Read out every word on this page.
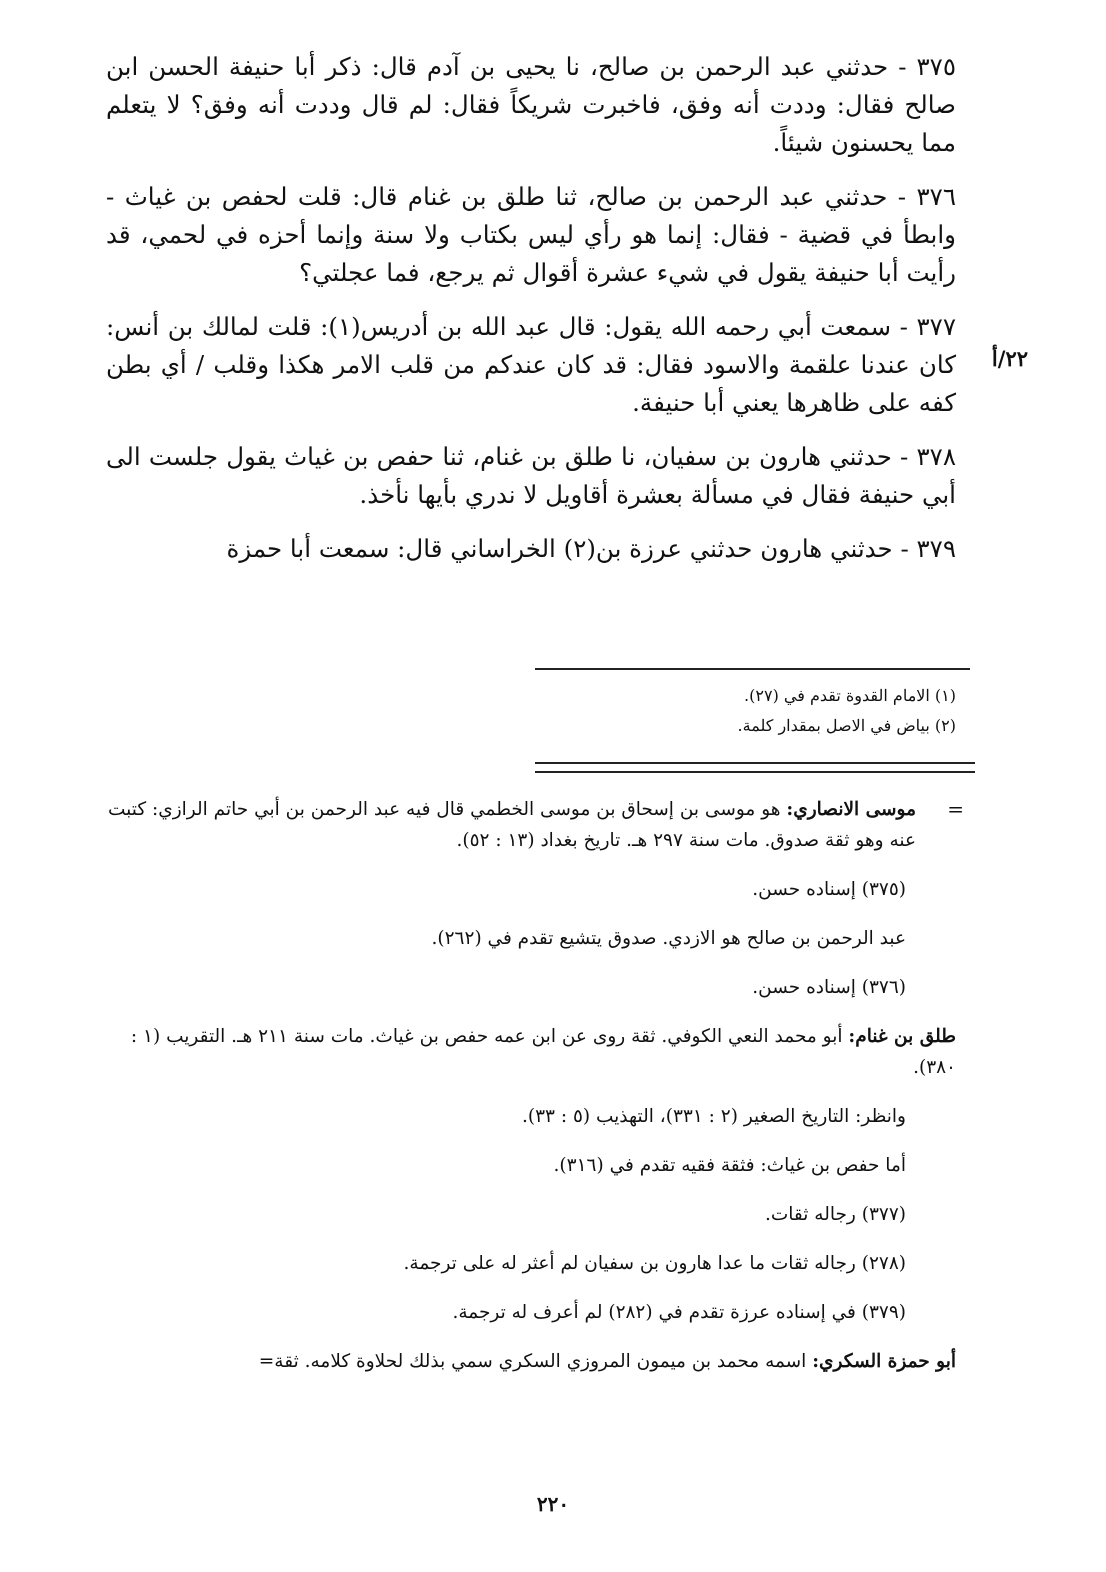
٣٧٥ - حدثني عبد الرحمن بن صالح، نا يحيى بن آدم قال: ذكر أبا حنيفة الحسن ابن صالح فقال: وددت أنه وفق، فاخبرت شريكاً فقال: لم قال وددت أنه وفق؟ لا يتعلم مما يحسنون شيئاً.

٣٧٦ - حدثني عبد الرحمن بن صالح، ثنا طلق بن غنام قال: قلت لحفص بن غياث - وابطأ في قضية - فقال: إنما هو رأي ليس بكتاب ولا سنة وإنما أحزه في لحمي، قد رأيت أبا حنيفة يقول في شيء عشرة أقوال ثم يرجع، فما عجلتي؟

٢٢/أ

٣٧٧ - سمعت أبي رحمه الله يقول: قال عبد الله بن أدريس(١): قلت لمالك بن أنس: كان عندنا علقمة والاسود فقال: قد كان عندكم من قلب الامر هكذا وقلب / أي بطن كفه على ظاهرها يعني أبا حنيفة.

٣٧٨ - حدثني هارون بن سفيان، نا طلق بن غنام، ثنا حفص بن غياث يقول جلست الى أبي حنيفة فقال في مسألة بعشرة أقاويل لا ندري بأيها نأخذ.

٣٧٩ - حدثني هارون حدثني عرزة بن(٢) الخراساني قال: سمعت أبا حمزة

(١) الامام القدوة تقدم في (٢٧).
(٢) بياض في الاصل بمقدار كلمة.
=

موسى الانصاري: هو موسى بن إسحاق بن موسى الخطمي قال فيه عبد الرحمن بن أبي حاتم الرازي: كتبت عنه وهو ثقة صدوق. مات سنة ٢٩٧ هـ. تاريخ بغداد (١٣ : ٥٢).

(٣٧٥) إسناده حسن.

عبد الرحمن بن صالح هو الازدي. صدوق يتشيع تقدم في (٢٦٢).

(٣٧٦) إسناده حسن.

طلق بن غنام: أبو محمد النعي الكوفي. ثقة روى عن ابن عمه حفص بن غياث. مات سنة ٢١١ هـ. التقريب (١ : ٣٨٠).

وانظر: التاريخ الصغير (٢ : ٣٣١)، التهذيب (٥ : ٣٣).

أما حفص بن غياث: فثقة فقيه تقدم في (٣١٦).

(٣٧٧) رجاله ثقات.

(٢٧٨) رجاله ثقات ما عدا هارون بن سفيان لم أعثر له على ترجمة.

(٣٧٩) في إسناده عرزة تقدم في (٢٨٢) لم أعرف له ترجمة.

أبو حمزة السكري: اسمه محمد بن ميمون المروزي السكري سمي بذلك لحلاوة كلامه. ثقة=

٢٢٠
